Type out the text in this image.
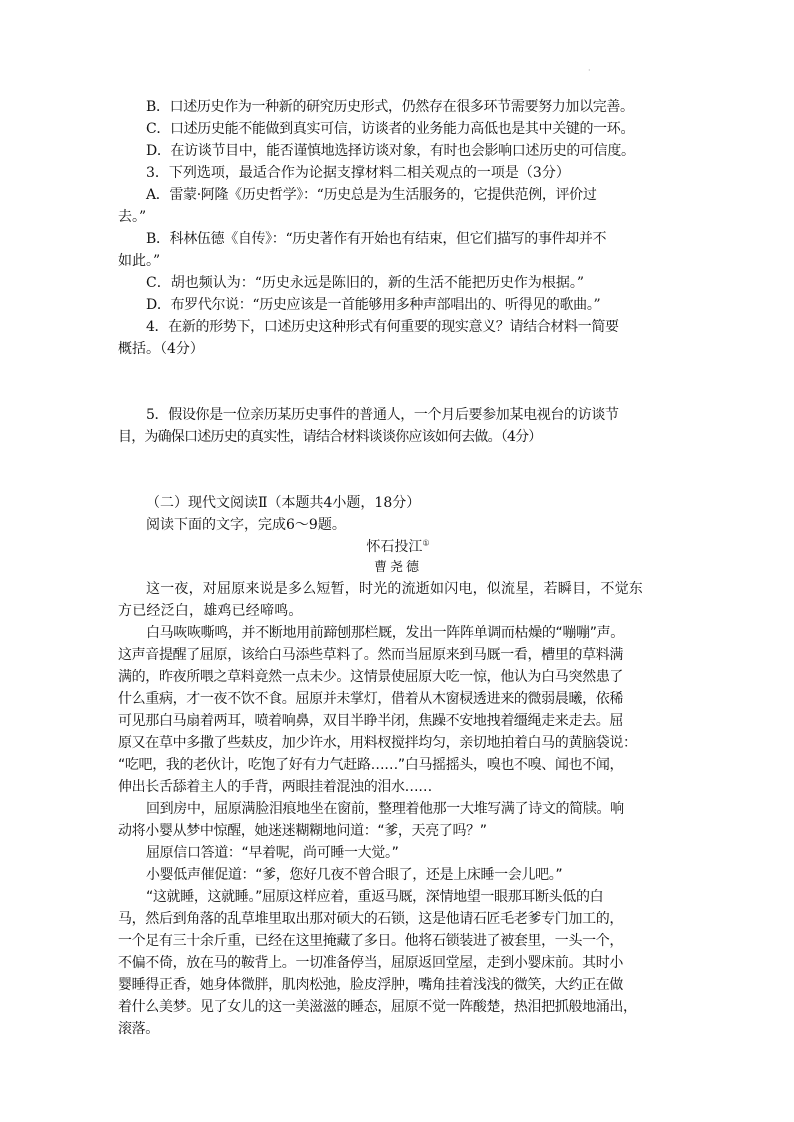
·
B．口述历史作为一种新的研究历史形式，仍然存在很多环节需要努力加以完善。
C．口述历史能不能做到真实可信，访谈者的业务能力高低也是其中关键的一环。
D．在访谈节目中，能否谨慎地选择访谈对象，有时也会影响口述历史的可信度。
3．下列选项，最适合作为论据支撑材料二相关观点的一项是（3分）
A．雷蒙·阿隆《历史哲学》：“历史总是为生活服务的，它提供范例，评价过
去。”
B．科林伍德《自传》：“历史著作有开始也有结束，但它们描写的事件却并不
如此。”
C．胡也频认为：“历史永远是陈旧的，新的生活不能把历史作为根据。”
D．布罗代尔说：“历史应该是一首能够用多种声部唱出的、听得见的歌曲。”
4．在新的形势下，口述历史这种形式有何重要的现实意义？请结合材料一简要
概括。（4分）
5．假设你是一位亲历某历史事件的普通人，一个月后要参加某电视台的访谈节
目，为确保口述历史的真实性，请结合材料谈谈你应该如何去做。（4分）
（二）现代文阅读Ⅱ（本题共4小题，18分）
阅读下面的文字，完成6～9题。
怀石投江①
曹尧德
这一夜，对屈原来说是多么短暂，时光的流逝如闪电，似流星，若瞬目，不觉东
方已经泛白，雄鸡已经啼鸣。
白马咴咴嘶鸣，并不断地用前蹄刨那栏厩，发出一阵阵单调而枯燥的“嘣嘣”声。
这声音提醒了屈原，该给白马添些草料了。然而当屈原来到马厩一看，槽里的草料满
满的，昨夜所喂之草料竟然一点未少。这情景使屈原大吃一惊，他认为白马突然患了
什么重病，才一夜不饮不食。屈原并未掌灯，借着从木窗棂透进来的微弱晨曦，依稀
可见那白马扇着两耳，喷着响鼻，双目半睁半闭，焦躁不安地拽着缰绳走来走去。屈
原又在草中多撒了些麸皮，加少许水，用料杈搅拌均匀，亲切地拍着白马的黄脑袋说：
“吃吧，我的老伙计，吃饱了好有力气赶路……”白马摇摇头，嗅也不嗅、闻也不闻，
伸出长舌舔着主人的手背，两眼挂着混浊的泪水……
回到房中，屈原满脸泪痕地坐在窗前，整理着他那一大堆写满了诗文的简牍。响
动将小婴从梦中惊醒，她迷迷糊糊地问道：“爹，天亮了吗？”
屈原信口答道：“早着呢，尚可睡一大觉。”
小婴低声催促道：“爹，您好几夜不曾合眼了，还是上床睡一会儿吧。”
“这就睡，这就睡。”屈原这样应着，重返马厩，深情地望一眼那耳断头低的白
马，然后到角落的乱草堆里取出那对硕大的石锁，这是他请石匠毛老爹专门加工的，
一个足有三十余斤重，已经在这里掩藏了多日。他将石锁装进了被套里，一头一个，
不偏不倚，放在马的鞍背上。一切准备停当，屈原返回堂屋，走到小婴床前。其时小
婴睡得正香，她身体微胖，肌肉松弛，脸皮浮肿，嘴角挂着浅浅的微笑，大约正在做
着什么美梦。见了女儿的这一美滋滋的睡态，屈原不觉一阵酸楚，热泪把抓般地涌出，
滚落。
